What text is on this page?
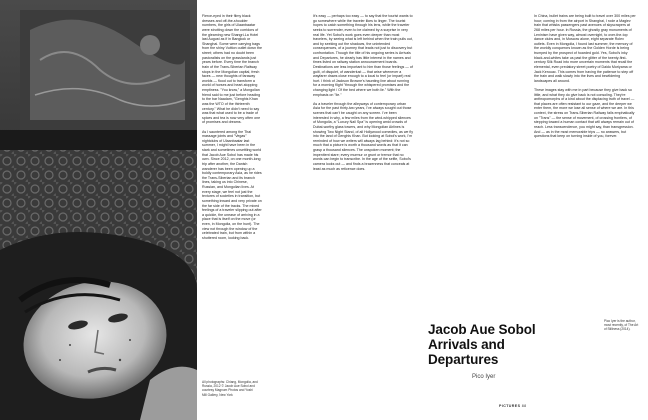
All photographs: Chiang, Mongolia, and Russia, 2012 © Jacob Aue Sobol and courtesy Magnum Photos and Yoshi Mill Gallery, New York

Fierce-eyed in their filmy black dresses and off-the-shoulder numbers, the girls of Ulaanbaatar were strutting down the corridors of the gleaming new Shangri-La Hotel last August as if in Bangkok or Shanghai. Some were carrying bags from the shiny Vuitton outlet down the street; others had no doubt been pastoralists on the grasslands just years before. Every time the branch train of the Trans-Siberian Railway stops in the Mongolian capital, fresh faces — new thoughts of faraway worlds — flood out to transform a world of horses and heart-stopping emptiness. "You know," a Mongolian friend said to me just before heading to the bar Naadam, "Genghis Khan was the WTO of the thirteenth century." What he didn't need to say was that what used to be a trade of spices and tea is now very often one of promises and dreams.

As I sauntered among the Thai massage joints and "Vegas" nightclubs of Ulaanbaatar last summer, I might have been in the stark and sometimes unsettling world that Jacob Aue Sobol has made his own. Since 2012, on one month-long trip after another, the Danish wanderer has been opening up a boldly contemporary Asia, as he rides the Trans-Siberian and its branch lines, taking us into Chinese, Russian, and Mongolian lives. At every stage, we feel not just the textures of societies in transition, but something inward and very private on the far side of the tracks. The mixed feelings of a traveler slipping out after a quickie, the unease of arriving in a place that is itself on the move (or even, in Mongolia, on the hunt). The view not through the window of the celebrated train, but from within a shuttered room, looking back.

It's easy — perhaps too easy — to say that the tourist wants to go somewhere while the traveler likes to linger. The tourist hopes to catch something through his lens, while the traveler seeks to surrender, even to be claimed by a surprise in very real life. Yet Sobol's work goes even deeper than most travelers, by seeing what is left behind when the train pulls out, and by seeking out the shadows, the unintended consequences, of a journey that leads not just to discovery but confrontation. Though the title of his ongoing series is Arrivals and Departures, he clearly has little interest in the names and times listed on railway station announcement boards. Destinations are less important to him than those feelings — of guilt, of disquiet, of wanderlust — that arise whenever a wayfarer draws close enough to a local to feel (or impart) real hurt. I think of Jackson Browne's haunting line about running for a morning flight "through the whispered promises and the changing light / Of the bed where we both lie." With the emphasis on "lie."

As a traveler through the alleyways of contemporary urban Asia for the past thirty-two years, I've always sought out those scenes that can't be caught on any screen. I've been interested in why, a few miles from the wind-whipped silences of Mongolia, a "Luxury Nail Spa" is opening amid crowds of Dubai-worthy glass towers, and why Mongolian Airlines is showing Two Night Stand, of all Hollywood comedies, as we fly into the land of Genghis Khan. But looking at Sobol's work, I'm reminded of how we writers will always lag behind: it's not so much that a picture is worth a thousand words as that it can grasp a thousand silences. The unspoken moment; the impenitent stare; every murmur or grunt or tremor that no words can begin to transcribe. In the age of the selfie, Sobol's camera looks out — and finds a brazenness that conceals at least as much as reticence does.

In China, bullet trains are being built to travel over 300 miles per hour; coming in from the airport in Shanghai, I rode a Maglev train that whisks passengers past avenues of skyscrapers at 268 miles per hour. In Russia, the ghostly gray monuments of Leninism have given way, almost overnight, to over-the-top dance clubs and, in Moscow alone, eight separate Rolex outlets. Even in Mongolia, I found last summer, the memory of the worldly conquerors known as the Golden Horde is being trumped by the prospect of hoarded gold. Yes, Sobol's inky black-and-whites take us past the glitter of the twenty-first-century Silk Road into more uncertain moments that recall the elemental, even predatory street poetry of Daido Moriyama or Jack Kerouac. This comes from having the patience to step off the train and walk slowly into the lives and bewildering landscapes all around.

These images stay with me in part because they give back so little, and what they do give back is not consoling. They're anthropomorphs of a kind about the displacing truth of travel — that places are often resistant to our gaze, and the deeper we enter them, the more we lose all sense of where we are. In this context, the stress on Trans-Siberian Railway falls emphatically on "Trans" — the sense of movement, of crossing frontiers, of stepping toward a human contact that will always remain out of reach. Less transcendence, you might say, than transgression. And — as in the most memorable trips — no answers, but questions that keep on turning inside of you, forever.

Jacob Aue Sobol
Arrivals and Departures
Pico Iyer
Pico Iyer is the author, most recently, of The Art of Stillness (2014).
PICTURES 88
